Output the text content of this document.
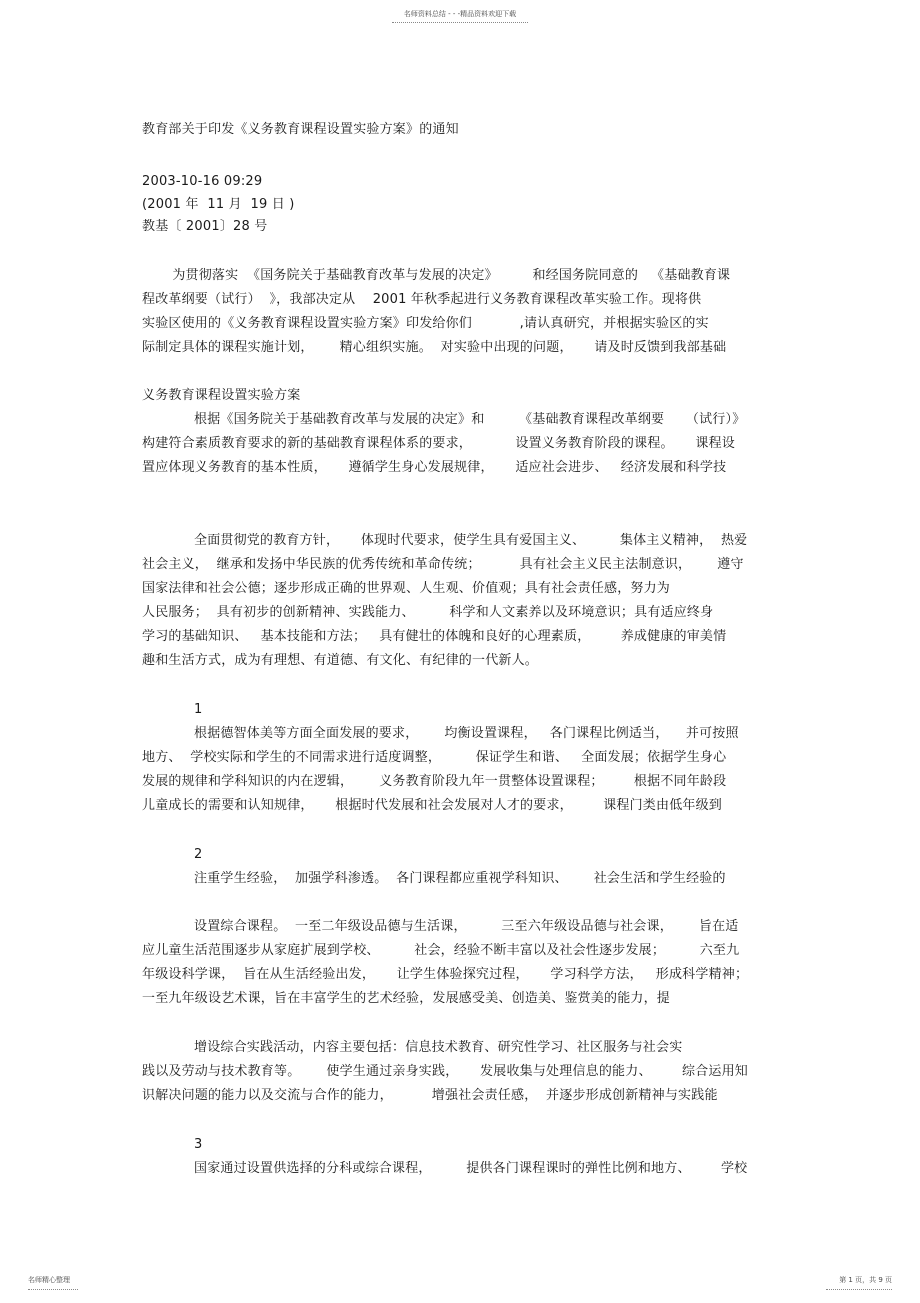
名师资料总结 - - -精品资料欢迎下载
教育部关于印发《义务教育课程设置实验方案》的通知
2003-10-16 09:29
(2001 年  11 月  19 日 )
教基〔 2001〕28 号
为贯彻落实  《国务院关于基础教育改革与发展的决定》        和经国务院同意的   《基础教育课
程改革纲要（试行）  》，我部决定从    2001 年秋季起进行义务教育课程改革实验工作。现将供
实验区使用的《义务教育课程设置实验方案》印发给你们           ,请认真研究，并根据实验区的实
际制定具体的课程实施计划，      精心组织实施。  对实验中出现的问题，     请及时反馈到我部基础
义务教育课程设置实验方案
根据《国务院关于基础教育改革与发展的决定》和        《基础教育课程改革纲要     （试行）》
构建符合素质教育要求的新的基础教育课程体系的要求，          设置义务教育阶段的课程。     课程设
置应体现义务教育的基本性质，     遵循学生身心发展规律，     适应社会进步、   经济发展和科学技
全面贯彻党的教育方针，     体现时代要求，使学生具有爱国主义、        集体主义精神，  热爱
社会主义，  继承和发扬中华民族的优秀传统和革命传统；         具有社会主义民主法制意识，      遵守
国家法律和社会公德；逐步形成正确的世界观、人生观、价值观；具有社会责任感，努力为
人民服务；  具有初步的创新精神、实践能力、        科学和人文素养以及环境意识；具有适应终身
学习的基础知识、   基本技能和方法；   具有健壮的体魄和良好的心理素质，       养成健康的审美情
趣和生活方式，成为有理想、有道德、有文化、有纪律的一代新人。
1
根据德智体美等方面全面发展的要求，      均衡设置课程，   各门课程比例适当，    并可按照
地方、  学校实际和学生的不同需求进行适度调整，        保证学生和谐、   全面发展；依据学生身心
发展的规律和学科知识的内在逻辑，      义务教育阶段九年一贯整体设置课程；       根据不同年龄段
儿童成长的需要和认知规律，     根据时代发展和社会发展对人才的要求，       课程门类由低年级到
2
注重学生经验，  加强学科渗透。  各门课程都应重视学科知识、      社会生活和学生经验的
设置综合课程。  一至二年级设品德与生活课，        三至六年级设品德与社会课，      旨在适
应儿童生活范围逐步从家庭扩展到学校、        社会，经验不断丰富以及社会性逐步发展；        六至九
年级设科学课，  旨在从生活经验出发，     让学生体验探究过程，     学习科学方法，   形成科学精神；
一至九年级设艺术课，旨在丰富学生的艺术经验，发展感受美、创造美、鉴赏美的能力，提
增设综合实践活动，内容主要包括：信息技术教育、研究性学习、社区服务与社会实
践以及劳动与技术教育等。      使学生通过亲身实践，     发展收集与处理信息的能力、       综合运用知
识解决问题的能力以及交流与合作的能力，         增强社会责任感，  并逐步形成创新精神与实践能
3
国家通过设置供选择的分科或综合课程，        提供各门课程课时的弹性比例和地方、       学校
名师精心整理	第 1 页，共 9 页
